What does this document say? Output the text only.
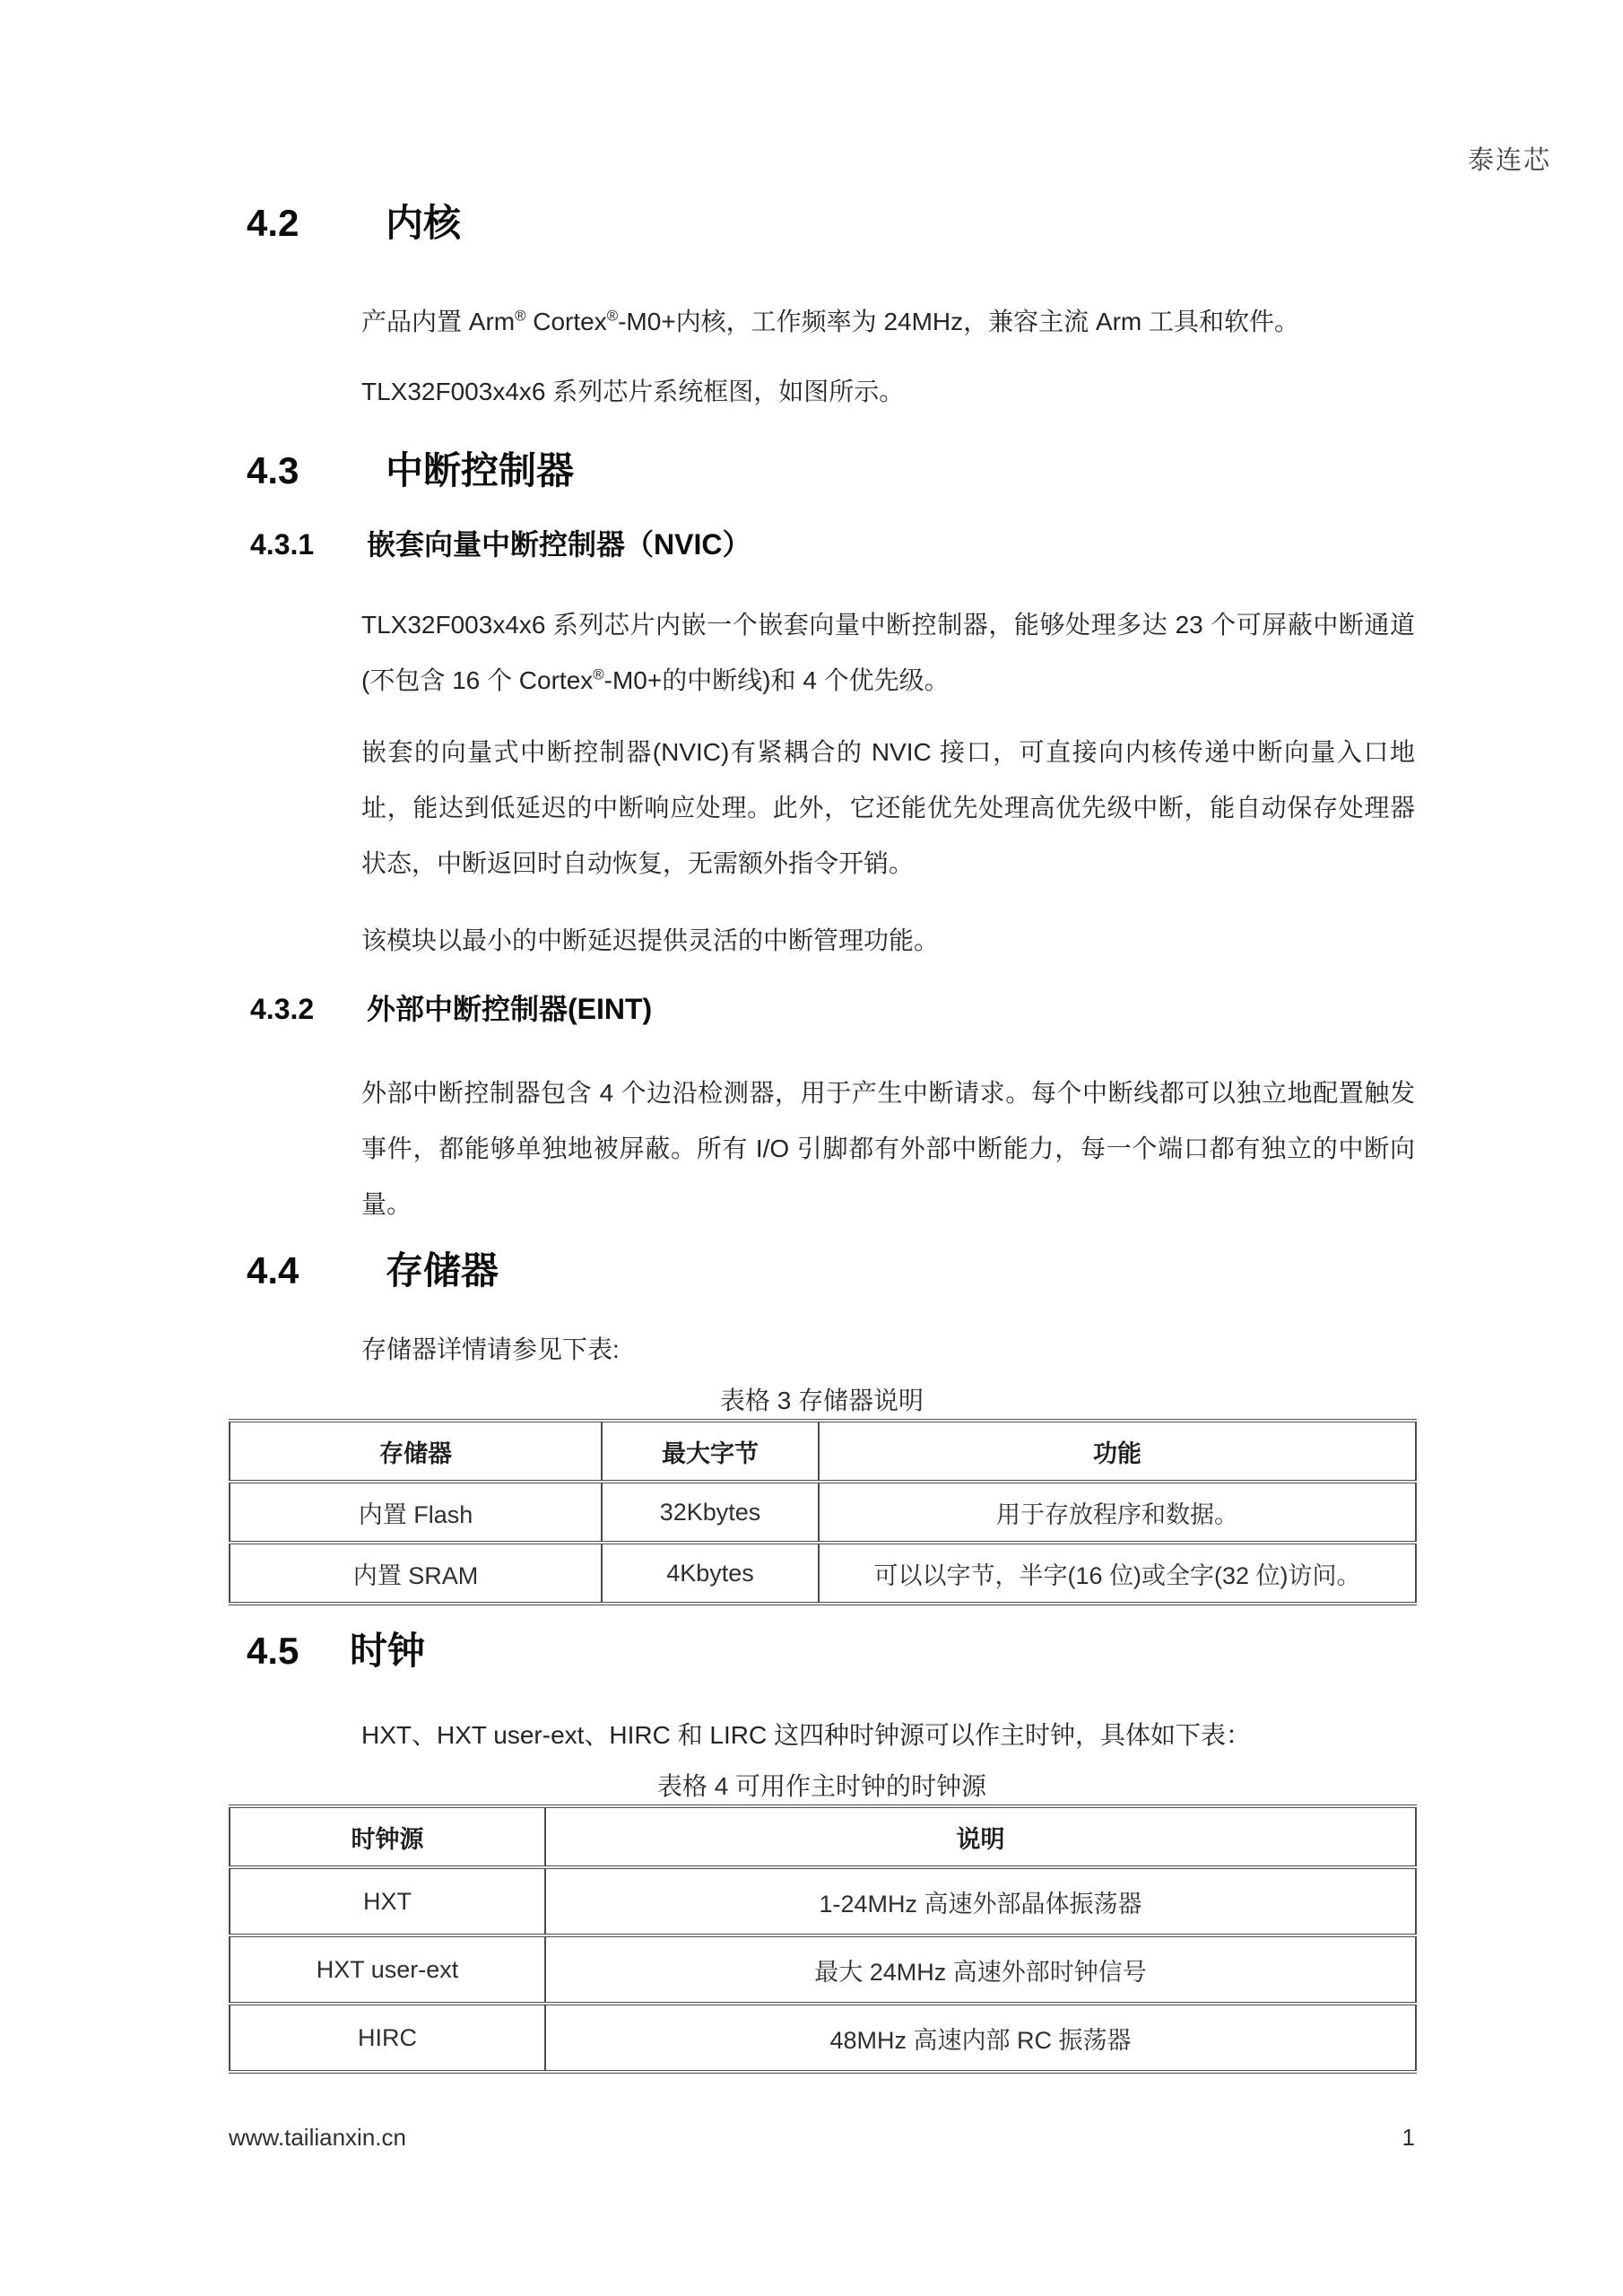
泰连芯
4.2	内核

产品内置 Arm® Cortex®-M0+内核，工作频率为 24MHz，兼容主流 Arm 工具和软件。

TLX32F003x4x6 系列芯片系统框图，如图所示。

4.3	中断控制器
4.3.1	嵌套向量中断控制器（NVIC）

TLX32F003x4x6 系列芯片内嵌一个嵌套向量中断控制器，能够处理多达 23 个可屏蔽中断通道(不包含 16 个 Cortex®-M0+的中断线)和 4 个优先级。

嵌套的向量式中断控制器(NVIC)有紧耦合的 NVIC 接口，可直接向内核传递中断向量入口地址，能达到低延迟的中断响应处理。此外，它还能优先处理高优先级中断，能自动保存处理器状态，中断返回时自动恢复，无需额外指令开销。

该模块以最小的中断延迟提供灵活的中断管理功能。

4.3.2	外部中断控制器(EINT)

外部中断控制器包含 4 个边沿检测器，用于产生中断请求。每个中断线都可以独立地配置触发事件，都能够单独地被屏蔽。所有 I/O 引脚都有外部中断能力，每一个端口都有独立的中断向量。

4.4	存储器

存储器详情请参见下表:

表格 3 存储器说明
存储器	最大字节	功能
内置 Flash	32Kbytes	用于存放程序和数据。
内置 SRAM	4Kbytes	可以以字节，半字(16 位)或全字(32 位)访问。
4.5	时钟

HXT、HXT user-ext、HIRC 和 LIRC 这四种时钟源可以作主时钟，具体如下表：

表格 4 可用作主时钟的时钟源
时钟源	说明
HXT	1-24MHz 高速外部晶体振荡器
HXT user-ext	最大 24MHz 高速外部时钟信号
HIRC	48MHz 高速内部 RC 振荡器
www.tailianxin.cn	1
